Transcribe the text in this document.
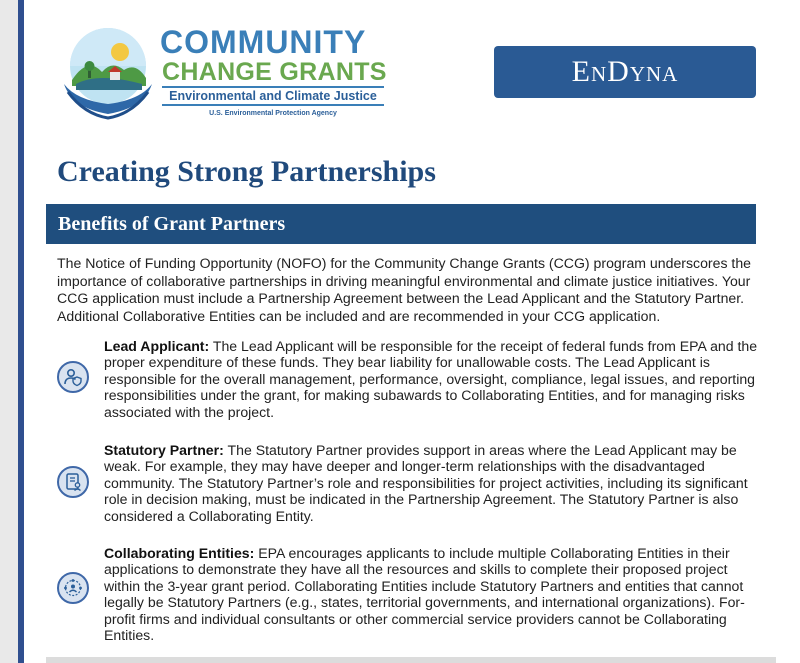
COMMUNITY
CHANGE GRANTS
Environmental and Climate Justice
U.S. Environmental Protection Agency
EnDyna
Creating Strong Partnerships
Benefits of Grant Partners

The Notice of Funding Opportunity (NOFO) for the Community Change Grants (CCG) program underscores the importance of collaborative partnerships in driving meaningful environmental and climate justice initiatives. Your CCG application must include a Partnership Agreement between the Lead Applicant and the Statutory Partner. Additional Collaborative Entities can be included and are recommended in your CCG application.

Lead Applicant: The Lead Applicant will be responsible for the receipt of federal funds from EPA and the proper expenditure of these funds. They bear liability for unallowable costs. The Lead Applicant is responsible for the overall management, performance, oversight, compliance, legal issues, and reporting responsibilities under the grant, for making subawards to Collaborating Entities, and for managing risks associated with the project.
Statutory Partner: The Statutory Partner provides support in areas where the Lead Applicant may be weak. For example, they may have deeper and longer-term relationships with the disadvantaged community. The Statutory Partner’s role and responsibilities for project activities, including its significant role in decision making, must be indicated in the Partnership Agreement. The Statutory Partner is also considered a Collaborating Entity.
Collaborating Entities: EPA encourages applicants to include multiple Collaborating Entities in their applications to demonstrate they have all the resources and skills to complete their proposed project within the 3-year grant period. Collaborating Entities include Statutory Partners and entities that cannot legally be Statutory Partners (e.g., states, territorial governments, and international organizations). For-profit firms and individual consultants or other commercial service providers cannot be Collaborating Entities.
